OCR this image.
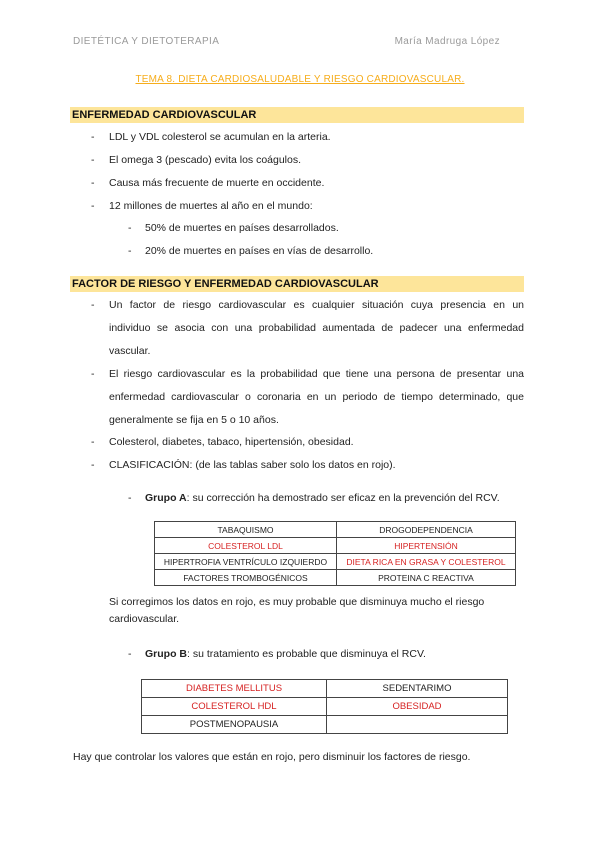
DIETÉTICA Y DIETOTERAPIA	María Madruga López
TEMA 8. DIETA CARDIOSALUDABLE Y RIESGO CARDIOVASCULAR.
ENFERMEDAD CARDIOVASCULAR
- LDL y VDL colesterol se acumulan en la arteria.
- El omega 3 (pescado) evita los coágulos.
- Causa más frecuente de muerte en occidente.
- 12 millones de muertes al año en el mundo:
- 50% de muertes en países desarrollados.
- 20% de muertes en países en vías de desarrollo.
FACTOR DE RIESGO Y ENFERMEDAD CARDIOVASCULAR
- Un factor de riesgo cardiovascular es cualquier situación cuya presencia en un
individuo se asocia con una probabilidad aumentada de padecer una enfermedad
vascular.
- El riesgo cardiovascular es la probabilidad que tiene una persona de presentar una
enfermedad cardiovascular o coronaria en un periodo de tiempo determinado, que
generalmente se fija en 5 o 10 años.
- Colesterol, diabetes, tabaco, hipertensión, obesidad.
- CLASIFICACIÓN: (de las tablas saber solo los datos en rojo).
- Grupo A: su corrección ha demostrado ser eficaz en la prevención del RCV.
TABAQUISMO	DROGODEPENDENCIA
COLESTEROL LDL	HIPERTENSIÓN
HIPERTROFIA VENTRÍCULO IZQUIERDO	DIETA RICA EN GRASA Y COLESTEROL
FACTORES TROMBOGÉNICOS	PROTEINA C REACTIVA
Si corregimos los datos en rojo, es muy probable que disminuya mucho el riesgo
cardiovascular.
- Grupo B: su tratamiento es probable que disminuya el RCV.
DIABETES MELLITUS	SEDENTARIMO
COLESTEROL HDL	OBESIDAD
POSTMENOPAUSIA	
Hay que controlar los valores que están en rojo, pero disminuir los factores de riesgo.
